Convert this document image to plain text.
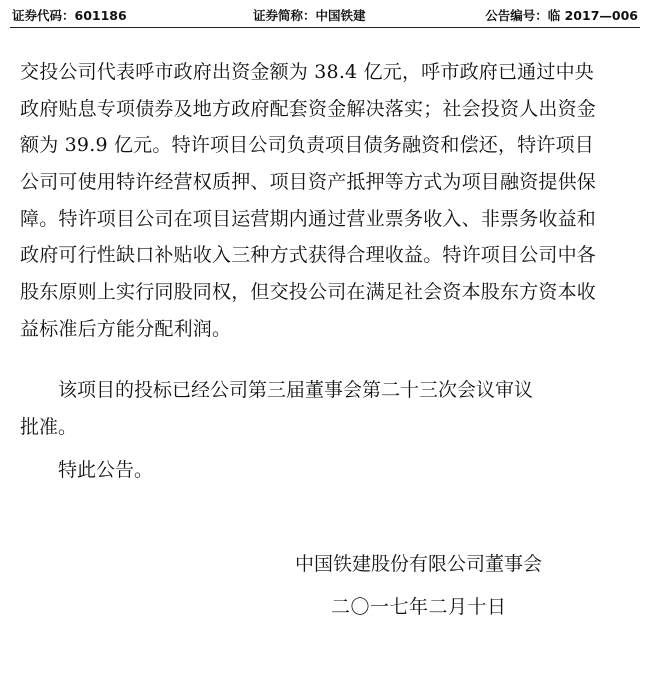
证券代码：601186	证券简称：中国铁建	公告编号：临 2017—006
交投公司代表呼市政府出资金额为 38.4 亿元，呼市政府已通过中央
政府贴息专项债券及地方政府配套资金解决落实；社会投资人出资金
额为 39.9 亿元。特许项目公司负责项目债务融资和偿还，特许项目
公司可使用特许经营权质押、项目资产抵押等方式为项目融资提供保
障。特许项目公司在项目运营期内通过营业票务收入、非票务收益和
政府可行性缺口补贴收入三种方式获得合理收益。特许项目公司中各
股东原则上实行同股同权，但交投公司在满足社会资本股东方资本收
益标准后方能分配利润。
该项目的投标已经公司第三届董事会第二十三次会议审议
批准。
特此公告。
中国铁建股份有限公司董事会
二〇一七年二月十日
